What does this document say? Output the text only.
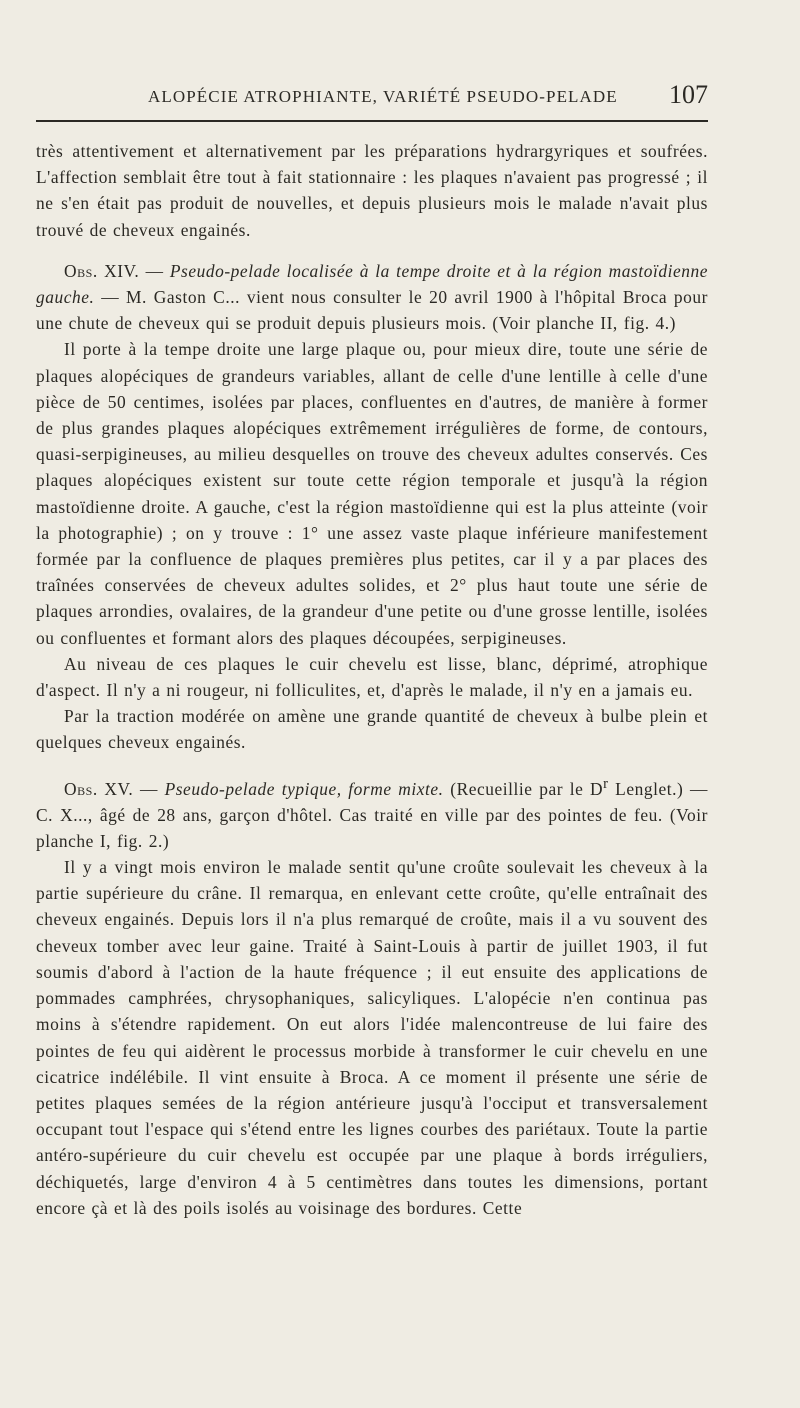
ALOPÉCIE ATROPHIANTE, VARIÉTÉ PSEUDO-PELADE 107

très attentivement et alternativement par les préparations hydrargyriques et soufrées. L'affection semblait être tout à fait stationnaire : les plaques n'avaient pas progressé ; il ne s'en était pas produit de nouvelles, et depuis plusieurs mois le malade n'avait plus trouvé de cheveux engainés.

Obs. XIV. — Pseudo-pelade localisée à la tempe droite et à la région mastoïdienne gauche. — M. Gaston C... vient nous consulter le 20 avril 1900 à l'hôpital Broca pour une chute de cheveux qui se produit depuis plusieurs mois. (Voir planche II, fig. 4.)

Il porte à la tempe droite une large plaque ou, pour mieux dire, toute une série de plaques alopéciques de grandeurs variables, allant de celle d'une lentille à celle d'une pièce de 50 centimes, isolées par places, confluentes en d'autres, de manière à former de plus grandes plaques alopéciques extrêmement irrégulières de forme, de contours, quasi-serpigineuses, au milieu desquelles on trouve des cheveux adultes conservés. Ces plaques alopéciques existent sur toute cette région temporale et jusqu'à la région mastoïdienne droite. A gauche, c'est la région mastoïdienne qui est la plus atteinte (voir la photographie) ; on y trouve : 1° une assez vaste plaque inférieure manifestement formée par la confluence de plaques premières plus petites, car il y a par places des traînées conservées de cheveux adultes solides, et 2° plus haut toute une série de plaques arrondies, ovalaires, de la grandeur d'une petite ou d'une grosse lentille, isolées ou confluentes et formant alors des plaques découpées, serpigineuses.

Au niveau de ces plaques le cuir chevelu est lisse, blanc, déprimé, atrophique d'aspect. Il n'y a ni rougeur, ni folliculites, et, d'après le malade, il n'y en a jamais eu.

Par la traction modérée on amène une grande quantité de cheveux à bulbe plein et quelques cheveux engainés.

Obs. XV. — Pseudo-pelade typique, forme mixte. (Recueillie par le $D^r$ Lenglet.) — C. X..., âgé de 28 ans, garçon d'hôtel. Cas traité en ville par des pointes de feu. (Voir planche I, fig. 2.)

Il y a vingt mois environ le malade sentit qu'une croûte soulevait les cheveux à la partie supérieure du crâne. Il remarqua, en enlevant cette croûte, qu'elle entraînait des cheveux engainés. Depuis lors il n'a plus remarqué de croûte, mais il a vu souvent des cheveux tomber avec leur gaine. Traité à Saint-Louis à partir de juillet 1903, il fut soumis d'abord à l'action de la haute fréquence ; il eut ensuite des applications de pommades camphrées, chrysophaniques, salicyliques. L'alopécie n'en continua pas moins à s'étendre rapidement. On eut alors l'idée malencontreuse de lui faire des pointes de feu qui aidèrent le processus morbide à transformer le cuir chevelu en une cicatrice indélébile. Il vint ensuite à Broca. A ce moment il présente une série de petites plaques semées de la région antérieure jusqu'à l'occiput et transversalement occupant tout l'espace qui s'étend entre les lignes courbes des pariétaux. Toute la partie antéro-supérieure du cuir chevelu est occupée par une plaque à bords irréguliers, déchiquetés, large d'environ 4 à 5 centimètres dans toutes les dimensions, portant encore çà et là des poils isolés au voisinage des bordures. Cette
